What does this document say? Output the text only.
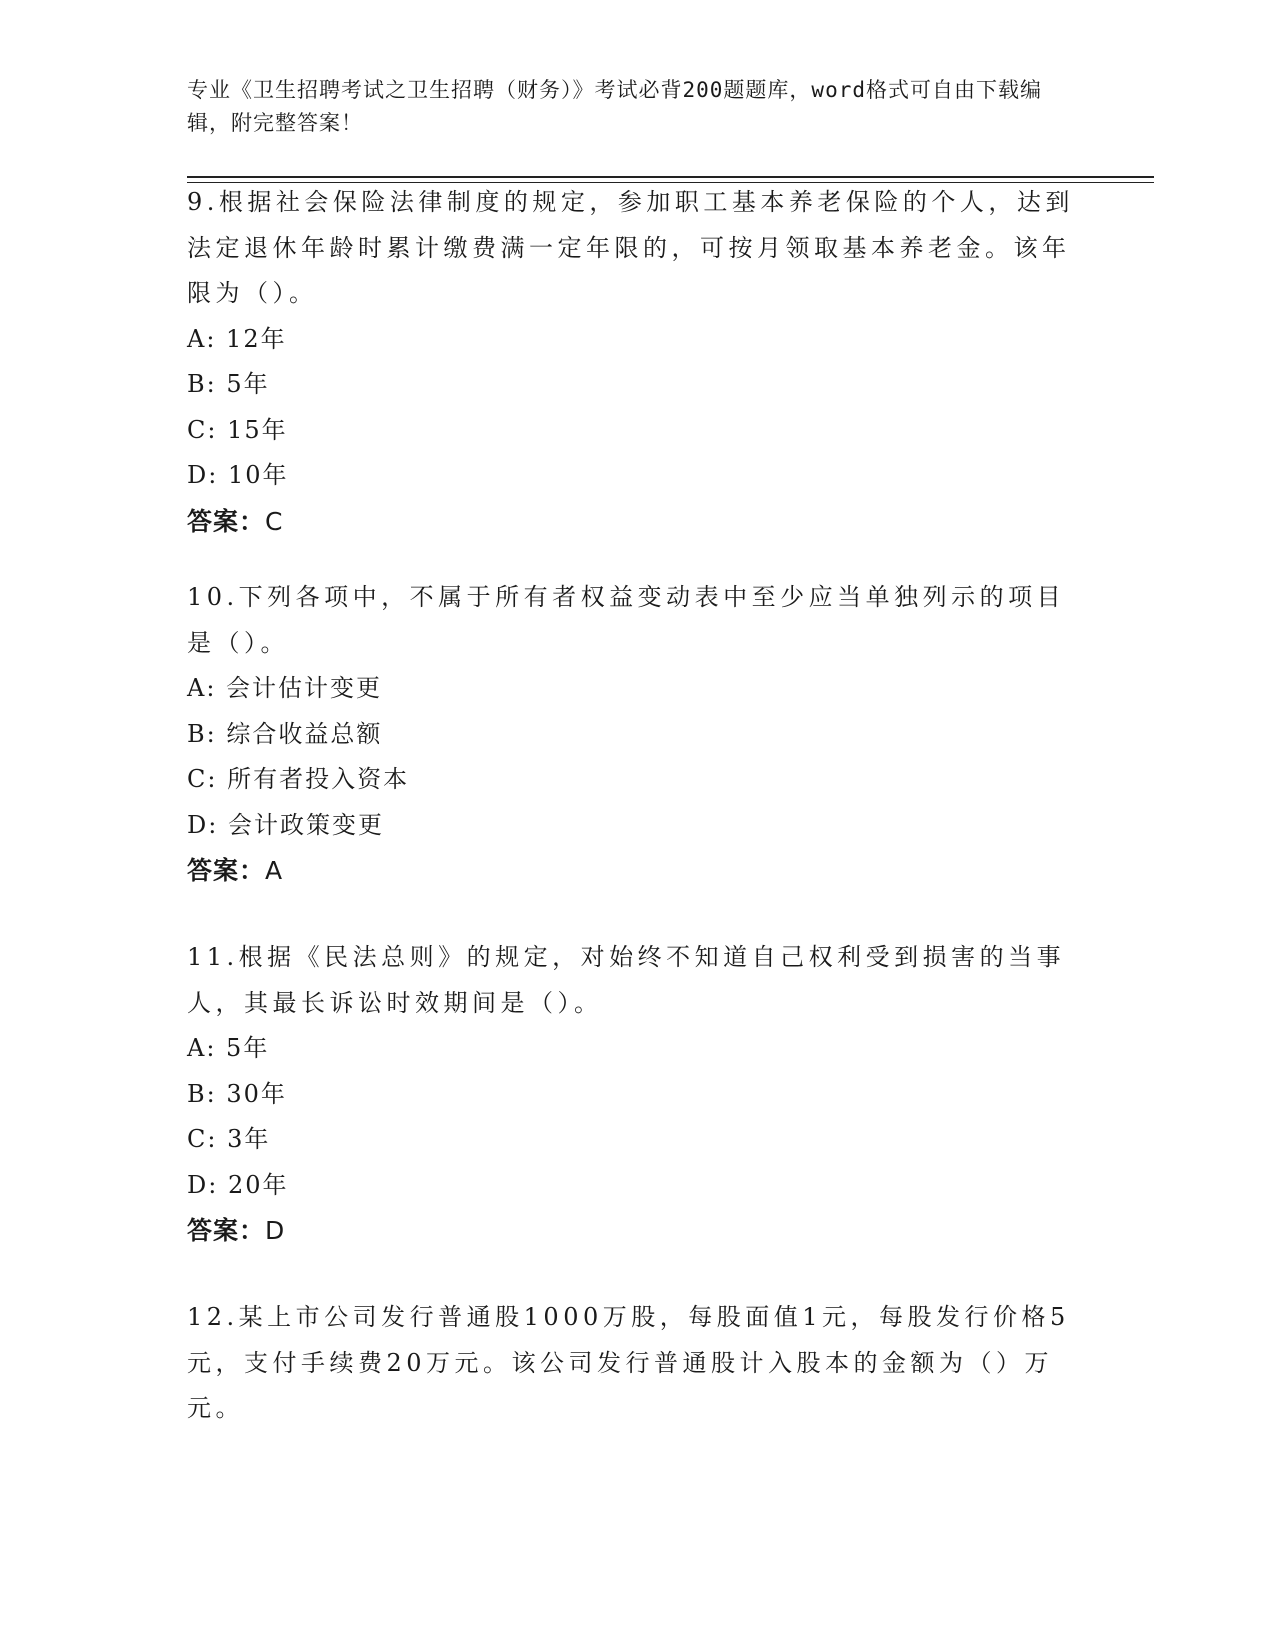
专业《卫生招聘考试之卫生招聘（财务）》考试必背200题题库，word格式可自由下载编辑，附完整答案！

9.根据社会保险法律制度的规定，参加职工基本养老保险的个人，达到法定退休年龄时累计缴费满一定年限的，可按月领取基本养老金。该年限为（）。

A: 12年

B: 5年

C: 15年

D: 10年

答案：C

10.下列各项中，不属于所有者权益变动表中至少应当单独列示的项目是（）。

A: 会计估计变更

B: 综合收益总额

C: 所有者投入资本

D: 会计政策变更

答案：A

11.根据《民法总则》的规定，对始终不知道自己权利受到损害的当事人，其最长诉讼时效期间是（）。

A: 5年

B: 30年

C: 3年

D: 20年

答案：D

12.某上市公司发行普通股1000万股，每股面值1元，每股发行价格5元，支付手续费20万元。该公司发行普通股计入股本的金额为（）万元。
